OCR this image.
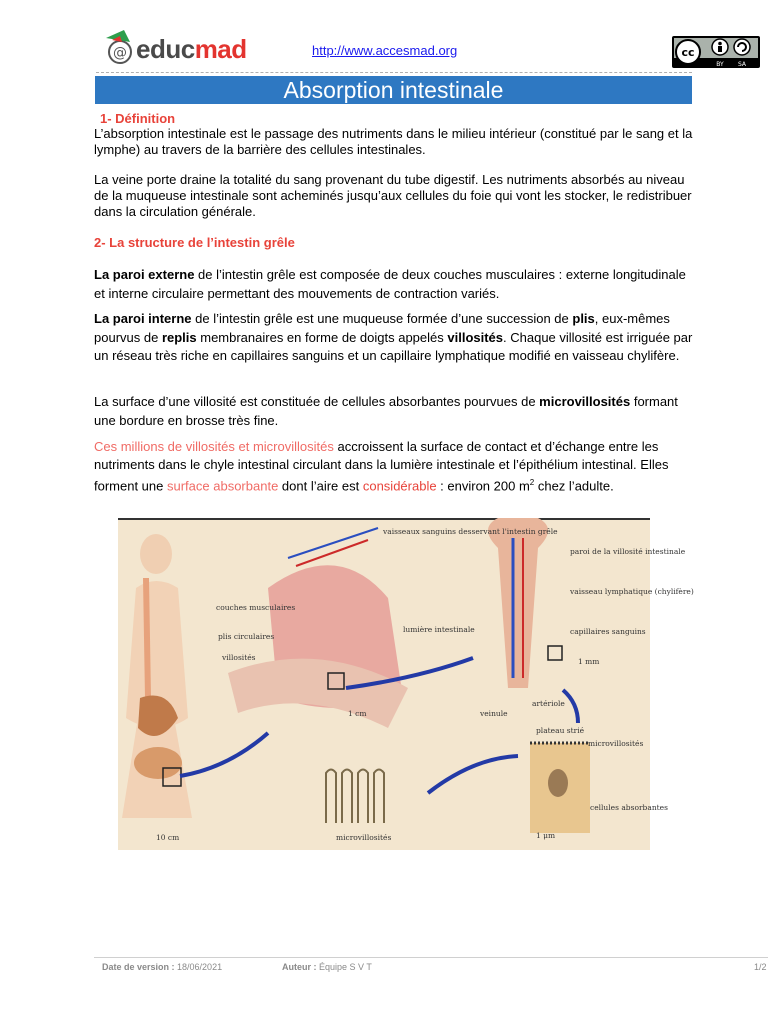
@ educmad	http://www.accesmad.org	cc
BY SA
Absorption intestinale
1- Définition
L’absorption intestinale est le passage des nutriments dans le milieu intérieur (constitué par le sang et la lymphe) au travers de la barrière des cellules intestinales.
La veine porte draine la totalité du sang provenant du tube digestif. Les nutriments absorbés au niveau de la muqueuse intestinale sont acheminés jusqu’aux cellules du foie qui vont les stocker, le redistribuer dans la circulation générale.
2- La structure de l’intestin grêle
La paroi externe de l’intestin grêle est composée de deux couches musculaires : externe longitudinale et interne circulaire permettant des mouvements de contraction variés.
La paroi interne de l’intestin grêle est une muqueuse formée d’une succession de plis, eux-mêmes pourvus de replis membranaires en forme de doigts appelés villosités. Chaque villosité est irriguée par un réseau très riche en capillaires sanguins et un capillaire lymphatique modifié en vaisseau chylifère.
La surface d’une villosité est constituée de cellules absorbantes pourvues de microvillosités formant une bordure en brosse très fine.
Ces millions de villosités et microvillosités accroissent la surface de contact et d’échange entre les nutriments dans le chyle intestinal circulant dans la lumière intestinale et l’épithélium intestinal. Elles forment une surface absorbante dont l’aire est considérable : environ 200 $m^2$ chez l’adulte.
vaisseaux sanguins desservant l'intestin grêle
couches musculaires
plis circulaires
villosités
lumière intestinale
1 cm
paroi de la villosité intestinale
vaisseau lymphatique (chylifère)
capillaires sanguins
1 mm
veinule
artériole
plateau strié
microvillosités
cellules absorbantes
microvillosités	1 μm
10 cm
Date de version : 18/06/2021	Auteur : Équipe S V T	1/2
